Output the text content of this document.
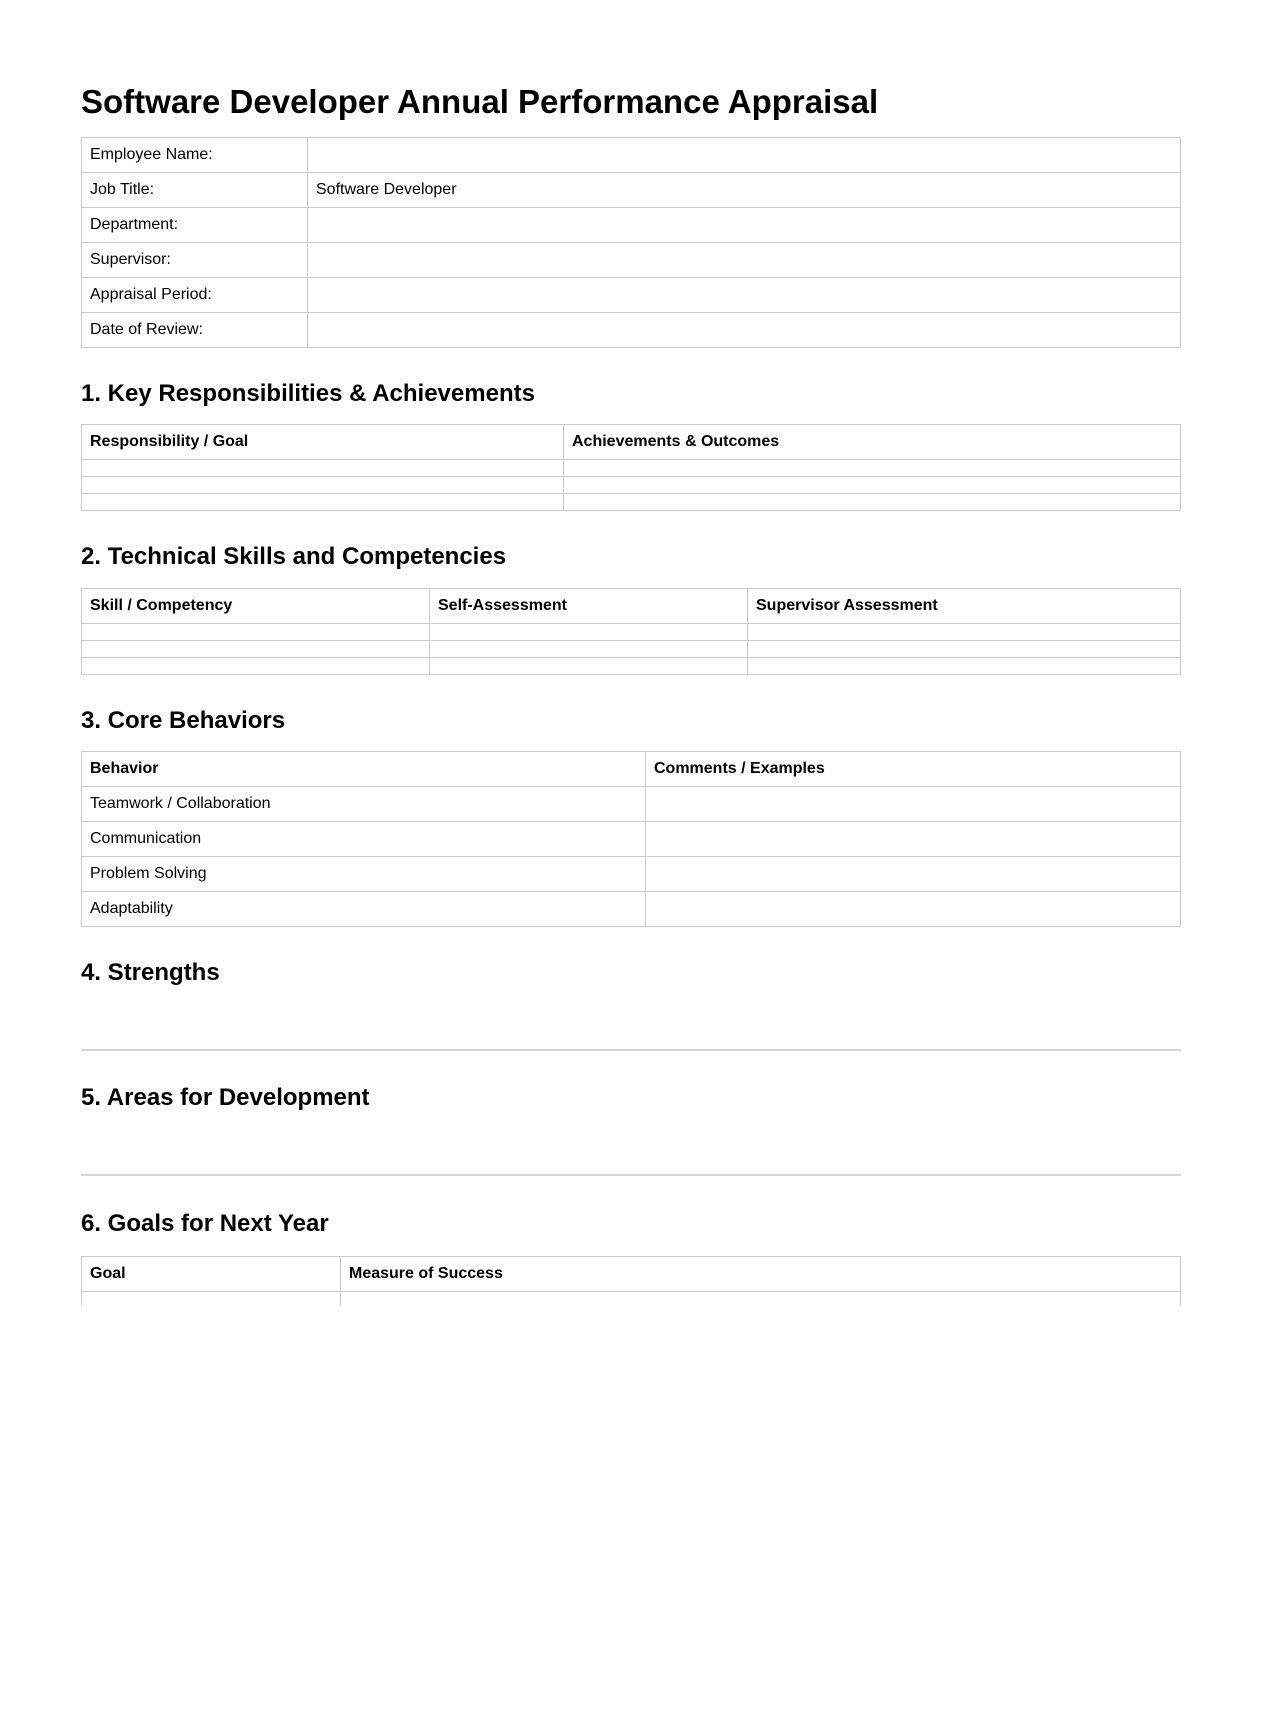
Software Developer Annual Performance Appraisal
Employee Name:	
Job Title:	Software Developer
Department:	
Supervisor:	
Appraisal Period:	
Date of Review:	
1. Key Responsibilities & Achievements
Responsibility / Goal	Achievements & Outcomes

2. Technical Skills and Competencies
Skill / Competency	Self-Assessment	Supervisor Assessment

3. Core Behaviors
Behavior	Comments / Examples
Teamwork / Collaboration	
Communication	
Problem Solving	
Adaptability	
4. Strengths
5. Areas for Development
6. Goals for Next Year
Goal	Measure of Success
